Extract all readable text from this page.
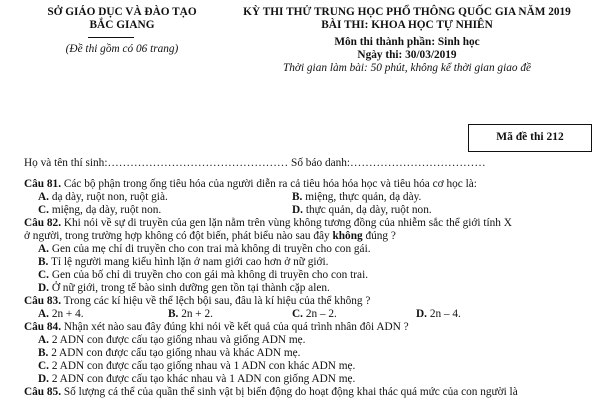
SỞ GIÁO DỤC VÀ ĐÀO TẠO
BẮC GIANG
(Đề thi gồm có 06 trang)
KỲ THI THỬ TRUNG HỌC PHỔ THÔNG QUỐC GIA NĂM 2019
BÀI THI: KHOA HỌC TỰ NHIÊN
Môn thi thành phần: Sinh học
Ngày thi: 30/03/2019
Thời gian làm bài: 50 phút, không kể thời gian giao đề
Mã đề thi 212
Họ và tên thí sinh:………………………………………… Số báo danh:………………………………
Câu 81. Các bộ phận trong ống tiêu hóa của người diễn ra cả tiêu hóa hóa học và tiêu hóa cơ học là:
A. dạ dày, ruột non, ruột già.	B. miệng, thực quản, dạ dày.
C. miệng, dạ dày, ruột non.	D. thực quản, dạ dày, ruột non.
Câu 82. Khi nói về sự di truyền của gen lặn nằm trên vùng không tương đồng của nhiễm sắc thể giới tính X
ở người, trong trường hợp không có đột biến, phát biểu nào sau đây không đúng ?
A. Gen của mẹ chỉ di truyền cho con trai mà không di truyền cho con gái.
B. Tỉ lệ người mang kiểu hình lặn ở nam giới cao hơn ở nữ giới.
C. Gen của bố chỉ di truyền cho con gái mà không di truyền cho con trai.
D. Ở nữ giới, trong tế bào sinh dưỡng gen tồn tại thành cặp alen.
Câu 83. Trong các kí hiệu về thể lệch bội sau, đâu là kí hiệu của thể không ?
A. 2n + 4.	B. 2n + 2.	C. 2n – 2.	D. 2n – 4.
Câu 84. Nhận xét nào sau đây đúng khi nói về kết quả của quá trình nhân đôi ADN ?
A. 2 ADN con được cấu tạo giống nhau và giống ADN mẹ.
B. 2 ADN con được cấu tạo giống nhau và khác ADN mẹ.
C. 2 ADN con được cấu tạo giống nhau và 1 ADN con khác ADN mẹ.
D. 2 ADN con được cấu tạo khác nhau và 1 ADN con giống ADN mẹ.
Câu 85. Số lượng cá thể của quần thể sinh vật bị biến động do hoạt động khai thác quá mức của con người là
